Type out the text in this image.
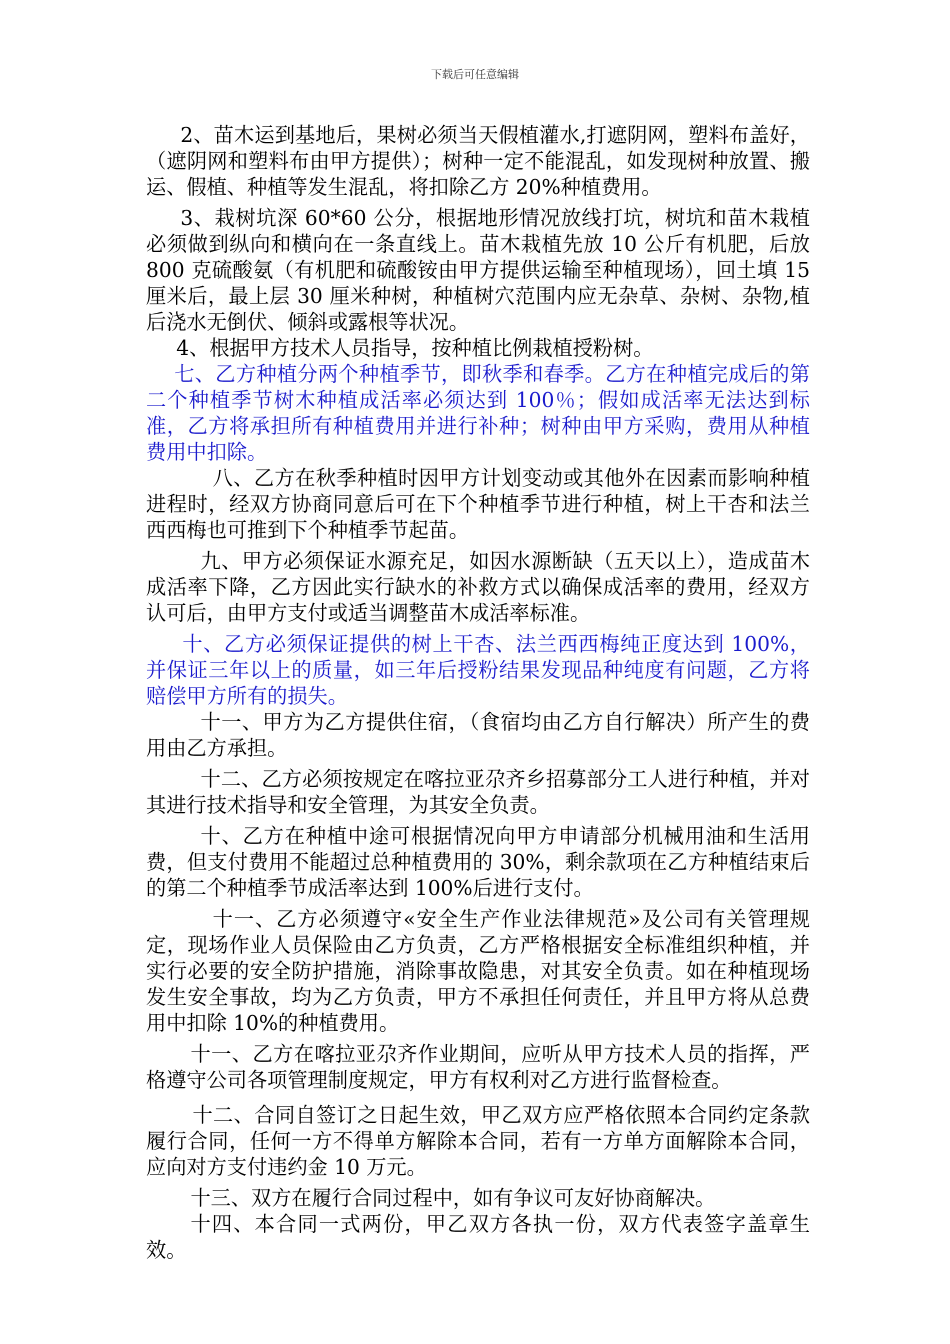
下载后可任意编辑

2、苗木运到基地后，果树必须当天假植灌水,打遮阴网，塑料布盖好，（遮阴网和塑料布由甲方提供）；树种一定不能混乱，如发现树种放置、搬运、假植、种植等发生混乱，将扣除乙方 20%种植费用。

3、栽树坑深 60*60 公分，根据地形情况放线打坑，树坑和苗木栽植必须做到纵向和横向在一条直线上。苗木栽植先放 10 公斤有机肥，后放 800 克硫酸氨（有机肥和硫酸铵由甲方提供运输至种植现场），回土填 15 厘米后，最上层 30 厘米种树，种植树穴范围内应无杂草、杂树、杂物,植后浇水无倒伏、倾斜或露根等状况。

4、根据甲方技术人员指导，按种植比例栽植授粉树。

七、乙方种植分两个种植季节，即秋季和春季。乙方在种植完成后的第二个种植季节树木种植成活率必须达到 100％；假如成活率无法达到标准，乙方将承担所有种植费用并进行补种；树种由甲方采购，费用从种植费用中扣除。

八、乙方在秋季种植时因甲方计划变动或其他外在因素而影响种植进程时，经双方协商同意后可在下个种植季节进行种植，树上干杏和法兰西西梅也可推到下个种植季节起苗。

九、甲方必须保证水源充足，如因水源断缺（五天以上），造成苗木成活率下降，乙方因此实行缺水的补救方式以确保成活率的费用，经双方认可后，由甲方支付或适当调整苗木成活率标准。

十、乙方必须保证提供的树上干杏、法兰西西梅纯正度达到 100%，并保证三年以上的质量，如三年后授粉结果发现品种纯度有问题，乙方将赔偿甲方所有的损失。

十一、甲方为乙方提供住宿，（食宿均由乙方自行解决）所产生的费用由乙方承担。

十二、乙方必须按规定在喀拉亚尕齐乡招募部分工人进行种植，并对其进行技术指导和安全管理，为其安全负责。

十、乙方在种植中途可根据情况向甲方申请部分机械用油和生活用费，但支付费用不能超过总种植费用的 30%，剩余款项在乙方种植结束后的第二个种植季节成活率达到 100%后进行支付。

十一、乙方必须遵守«安全生产作业法律规范»及公司有关管理规定，现场作业人员保险由乙方负责，乙方严格根据安全标准组织种植，并实行必要的安全防护措施，消除事故隐患，对其安全负责。如在种植现场发生安全事故，均为乙方负责，甲方不承担任何责任，并且甲方将从总费用中扣除 10%的种植费用。

十一、乙方在喀拉亚尕齐作业期间，应听从甲方技术人员的指挥，严格遵守公司各项管理制度规定，甲方有权利对乙方进行监督检查。

十二、合同自签订之日起生效，甲乙双方应严格依照本合同约定条款履行合同，任何一方不得单方解除本合同，若有一方单方面解除本合同，应向对方支付违约金 10 万元。

十三、双方在履行合同过程中，如有争议可友好协商解决。

十四、本合同一式两份，甲乙双方各执一份，双方代表签字盖章生效。
